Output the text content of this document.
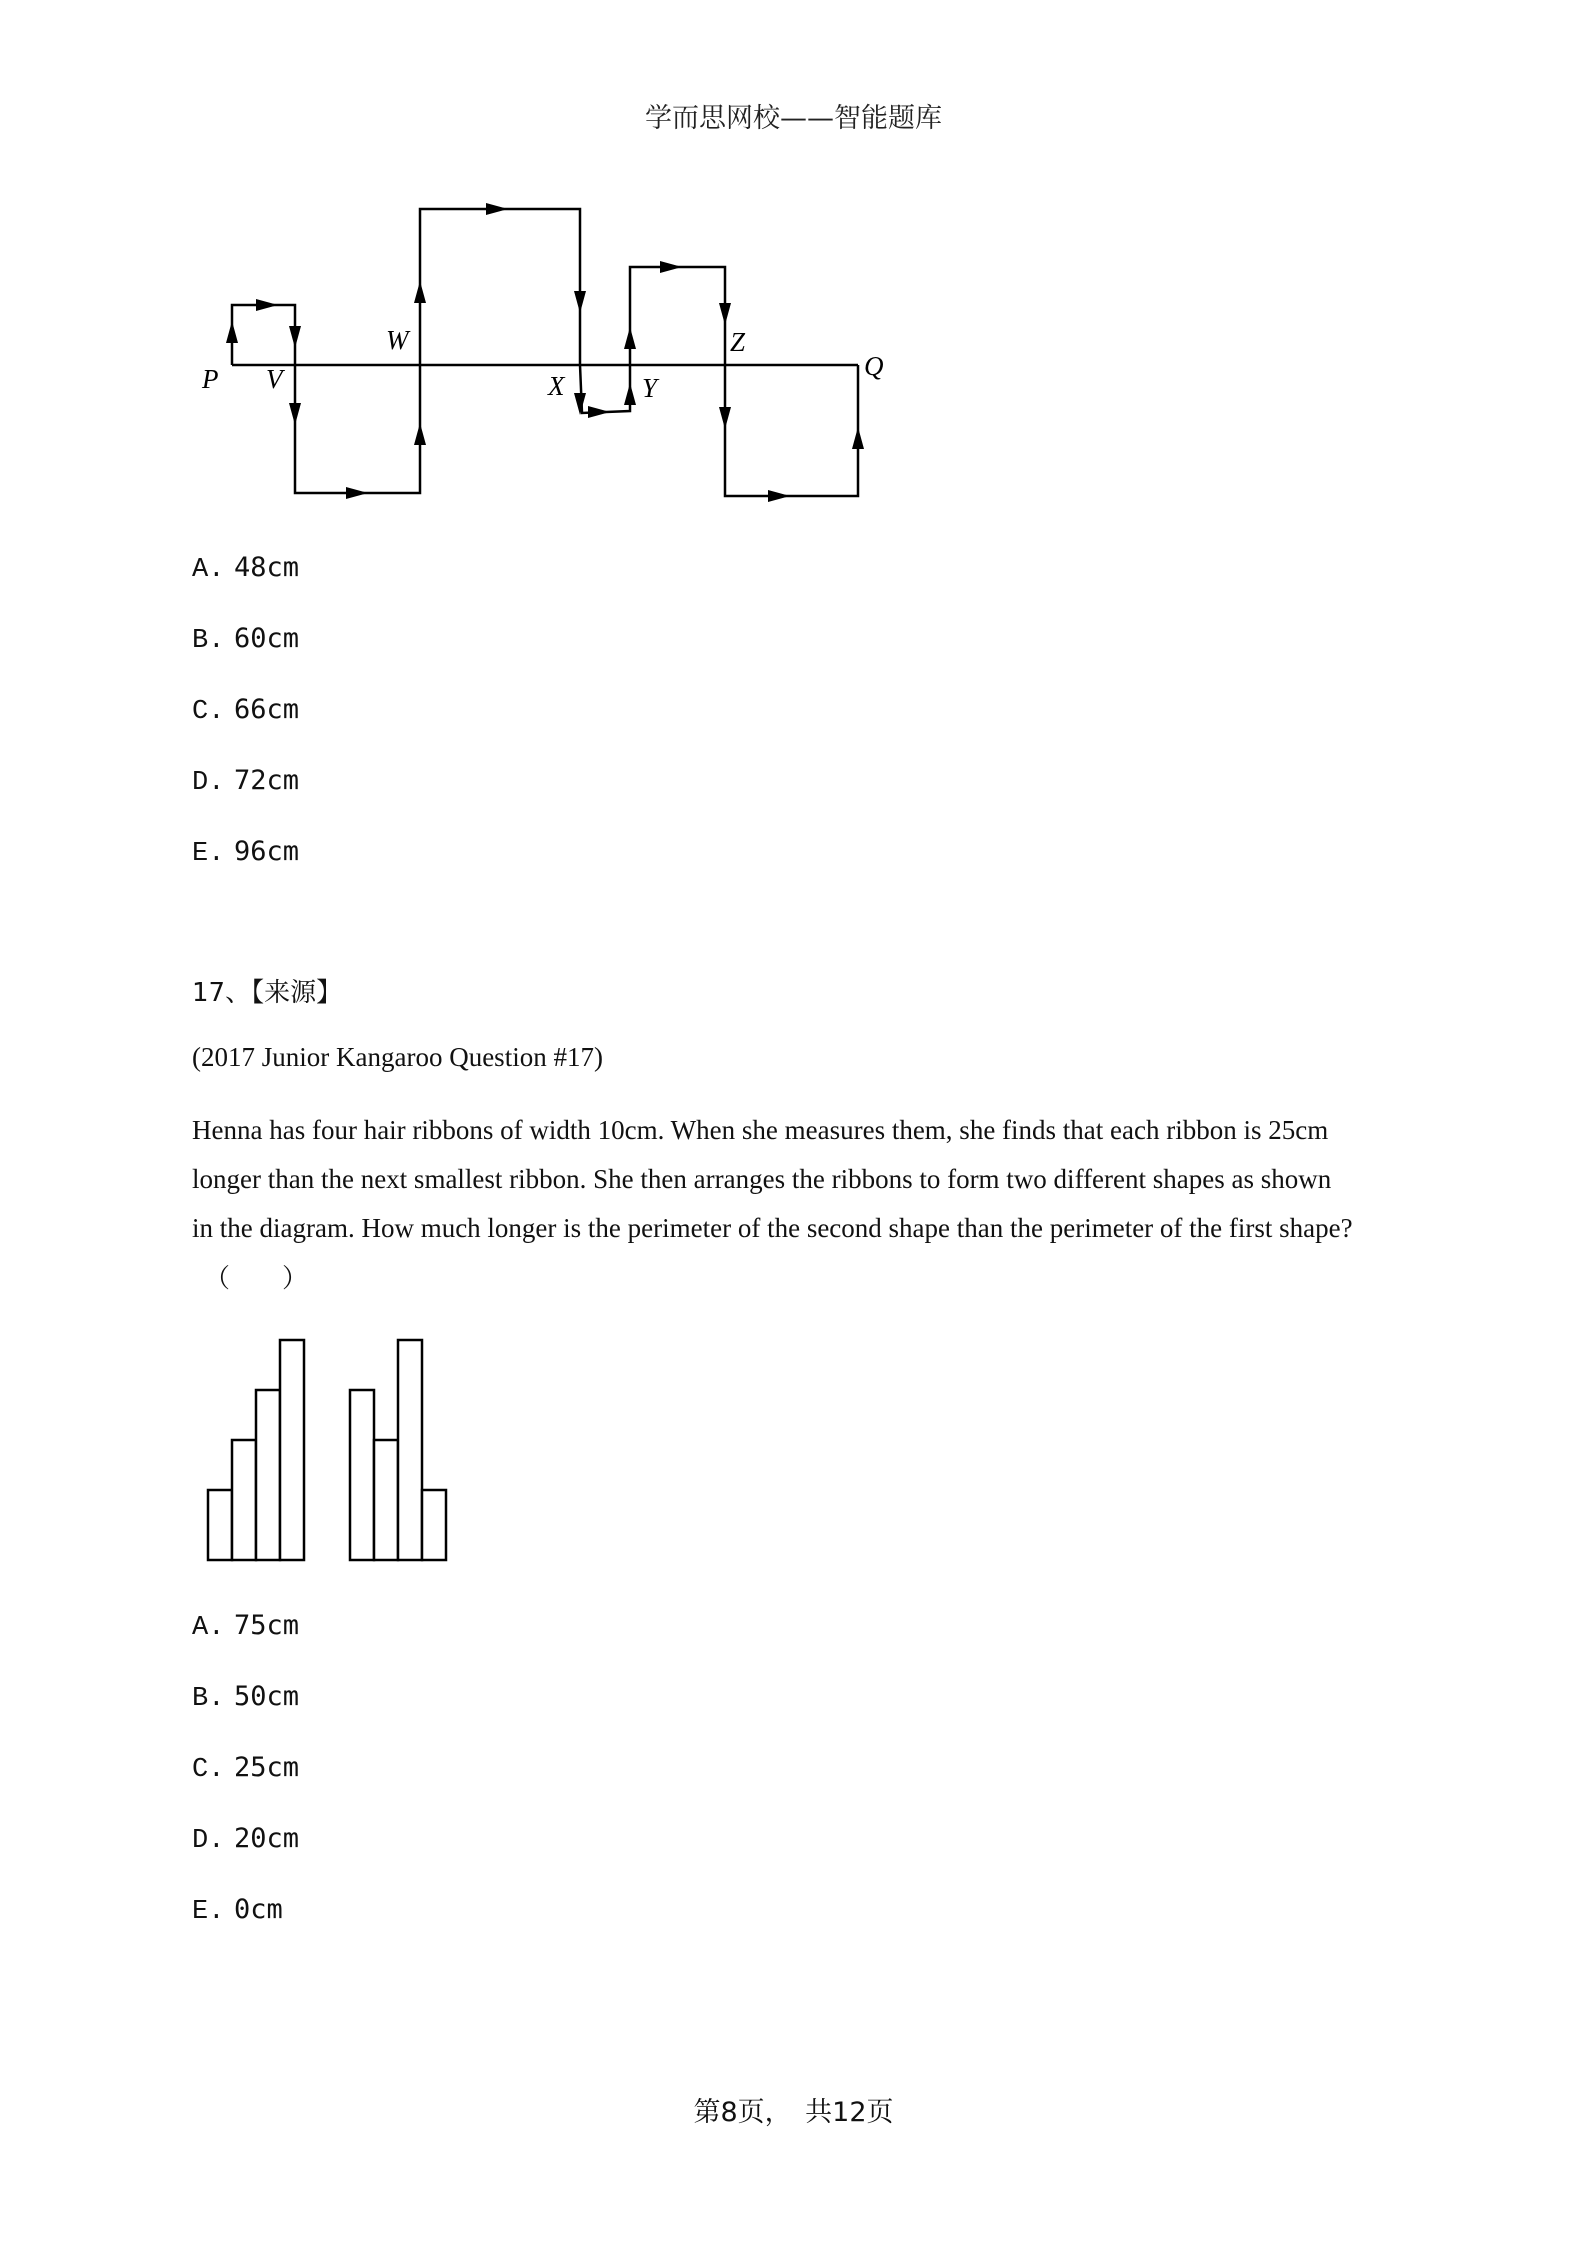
学而思网校——智能题库
P V
W
X	Y
Z
Q
A. 48cm
B. 60cm
C. 66cm
D. 72cm
E. 96cm
17、【来源】
(2017 Junior Kangaroo Question #17)

Henna has four hair ribbons of width 10cm. When she measures them, she finds that each ribbon is 25cm

longer than the next smallest ribbon. She then arranges the ribbons to form two different shapes as shown

in the diagram. How much longer is the perimeter of the second shape than the perimeter of the first shape?

（　　）
A. 75cm
B. 50cm
C. 25cm
D. 20cm
E. 0cm
第8页，　共12页
